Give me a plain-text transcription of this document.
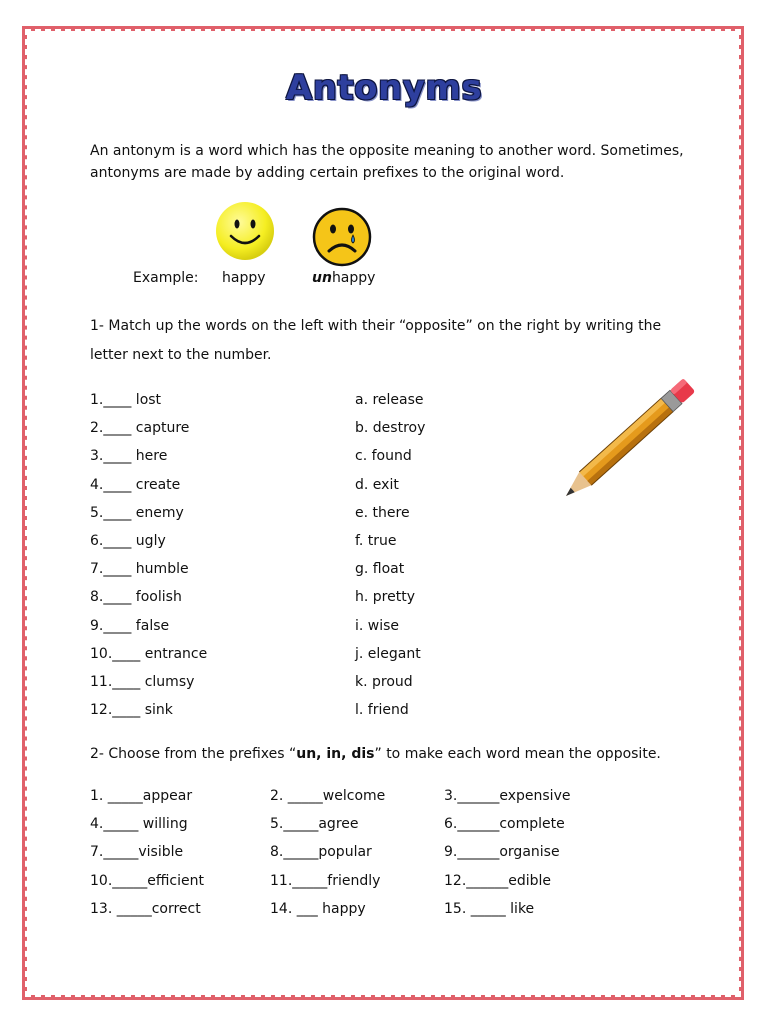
Antonyms
An antonym is a word which has the opposite meaning to another word. Sometimes, antonyms are made by adding certain prefixes to the original word.
Example: happy	unhappy
1- Match up the words on the left with their “opposite” on the right by writing the letter next to the number.
1.____ lost
2.____ capture
3.____ here
4.____ create
5.____ enemy
6.____ ugly
7.____ humble
8.____ foolish
9.____ false
10.____ entrance
11.____ clumsy
12.____ sink
a. release
b. destroy
c. found
d. exit
e. there
f. true
g. float
h. pretty
i. wise
j. elegant
k. proud
l. friend
2- Choose from the prefixes “un, in, dis” to make each word mean the opposite.
1. _____appear
4._____ willing
7._____visible
10._____efficient
13. _____correct
2. _____welcome
5._____agree
8._____popular
11._____friendly
14. ___ happy
3.______expensive
6.______complete
9.______organise
12.______edible
15. _____ like
